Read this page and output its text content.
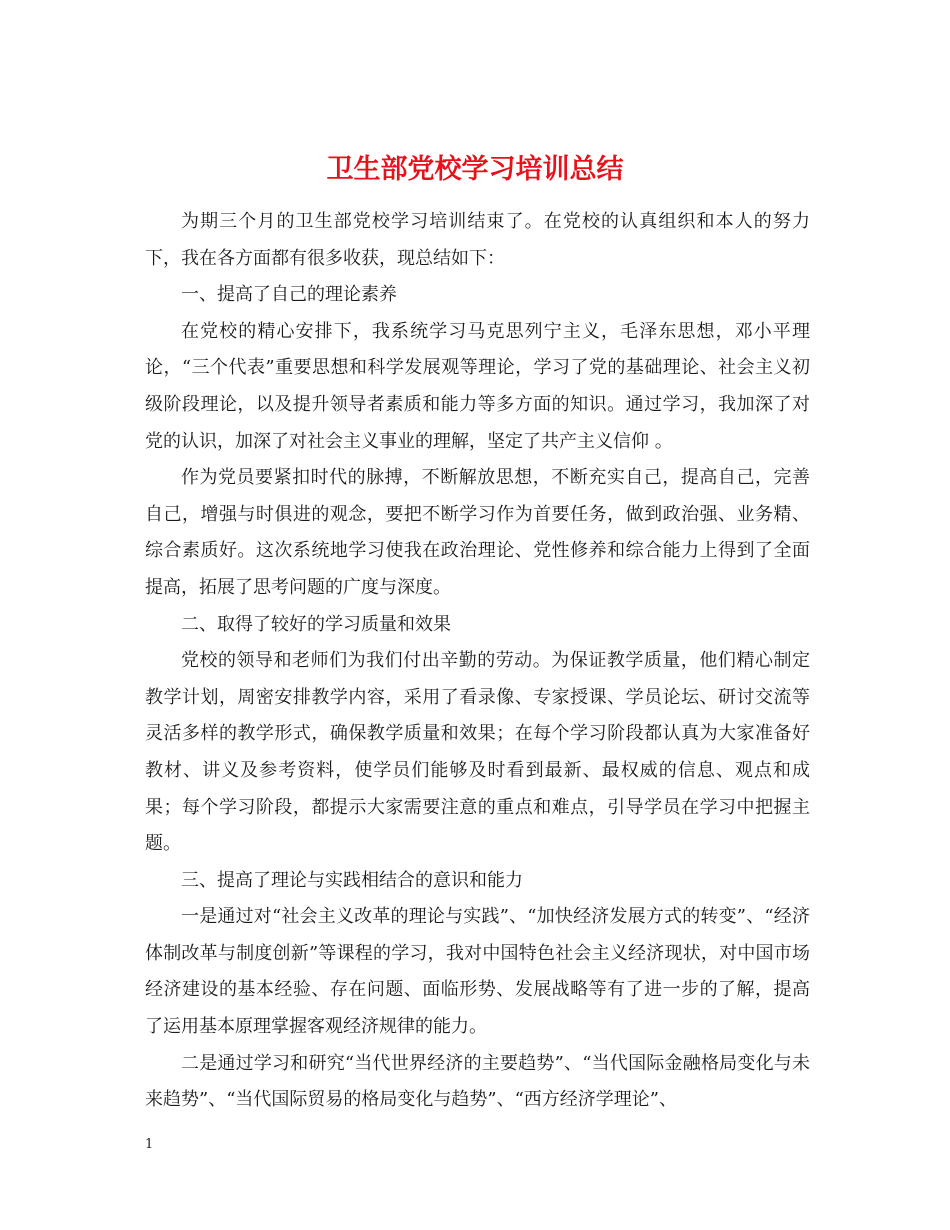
卫生部党校学习培训总结

为期三个月的卫生部党校学习培训结束了。在党校的认真组织和本人的努力下，我在各方面都有很多收获，现总结如下：

一、提高了自己的理论素养

在党校的精心安排下，我系统学习马克思列宁主义，毛泽东思想，邓小平理论，“三个代表”重要思想和科学发展观等理论，学习了党的基础理论、社会主义初级阶段理论，以及提升领导者素质和能力等多方面的知识。通过学习，我加深了对党的认识，加深了对社会主义事业的理解，坚定了共产主义信仰 。

作为党员要紧扣时代的脉搏，不断解放思想，不断充实自己，提高自己，完善自己，增强与时俱进的观念，要把不断学习作为首要任务，做到政治强、业务精、综合素质好。这次系统地学习使我在政治理论、党性修养和综合能力上得到了全面提高，拓展了思考问题的广度与深度。

二、取得了较好的学习质量和效果

党校的领导和老师们为我们付出辛勤的劳动。为保证教学质量，他们精心制定教学计划，周密安排教学内容，采用了看录像、专家授课、学员论坛、研讨交流等灵活多样的教学形式，确保教学质量和效果；在每个学习阶段都认真为大家准备好教材、讲义及参考资料，使学员们能够及时看到最新、最权威的信息、观点和成果；每个学习阶段，都提示大家需要注意的重点和难点，引导学员在学习中把握主题。

三、提高了理论与实践相结合的意识和能力

一是通过对“社会主义改革的理论与实践”、“加快经济发展方式的转变”、“经济体制改革与制度创新”等课程的学习，我对中国特色社会主义经济现状，对中国市场经济建设的基本经验、存在问题、面临形势、发展战略等有了进一步的了解，提高了运用基本原理掌握客观经济规律的能力。

二是通过学习和研究“当代世界经济的主要趋势”、“当代国际金融格局变化与未来趋势”、“当代国际贸易的格局变化与趋势”、“西方经济学理论”、

1
